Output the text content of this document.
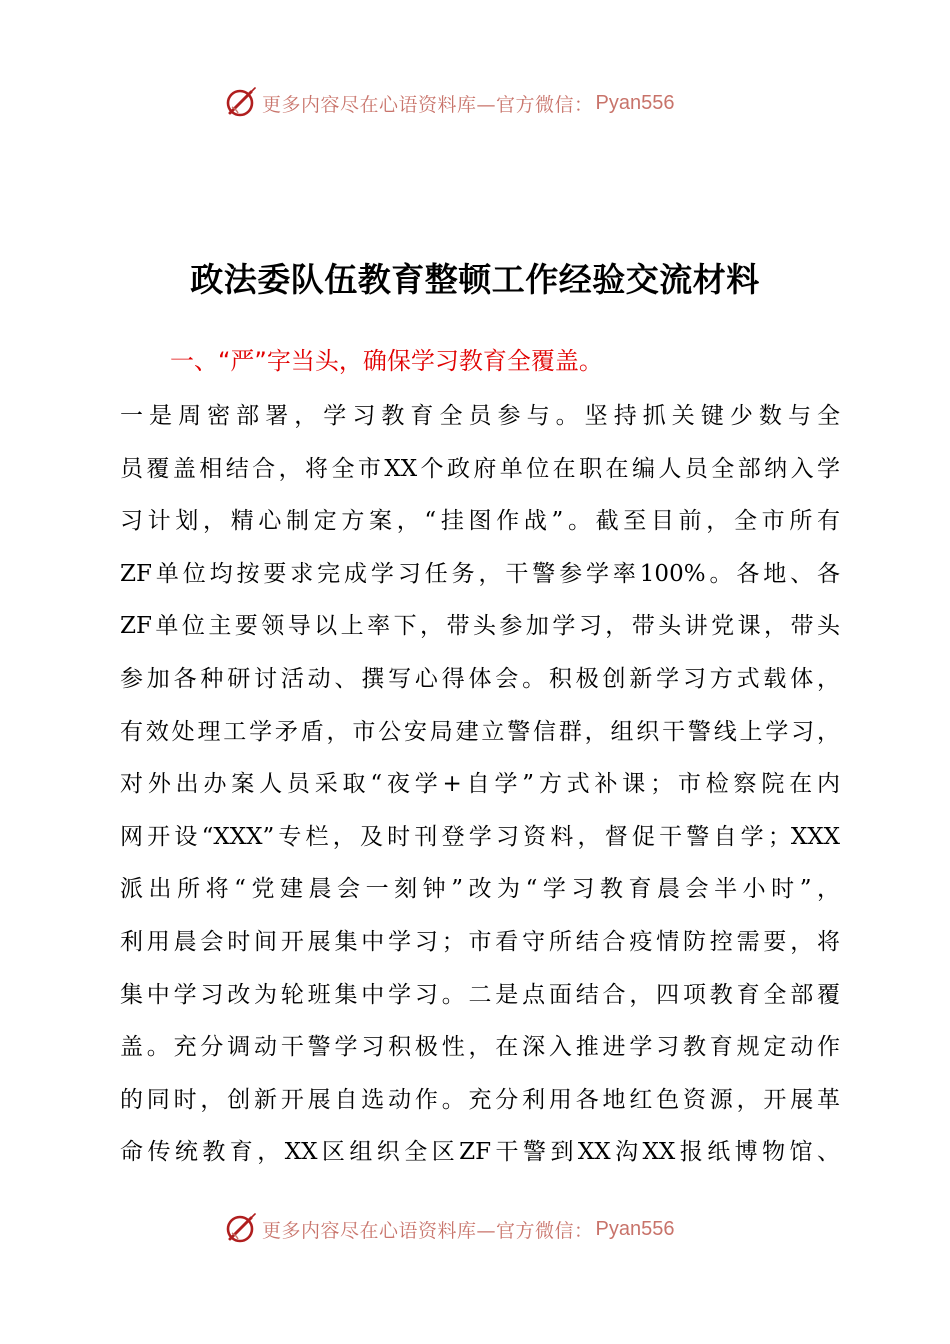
更多内容尽在心语资料库—官方微信： Pyan556
政法委队伍教育整顿工作经验交流材料
一、“严”字当头，确保学习教育全覆盖。
一是周密部署，学习教育全员参与。坚持抓关键少数与全
员覆盖相结合，将全市XX个政府单位在职在编人员全部纳入学
习计划，精心制定方案，“挂图作战”。截至目前，全市所有
ZF单位均按要求完成学习任务，干警参学率100%。各地、各
ZF单位主要领导以上率下，带头参加学习，带头讲党课，带头
参加各种研讨活动、撰写心得体会。积极创新学习方式载体，
有效处理工学矛盾，市公安局建立警信群，组织干警线上学习，
对外出办案人员采取“夜学+自学”方式补课；市检察院在内
网开设“XXX”专栏，及时刊登学习资料，督促干警自学；XXX
派出所将“党建晨会一刻钟”改为“学习教育晨会半小时”，
利用晨会时间开展集中学习；市看守所结合疫情防控需要，将
集中学习改为轮班集中学习。二是点面结合，四项教育全部覆
盖。充分调动干警学习积极性，在深入推进学习教育规定动作
的同时，创新开展自选动作。充分利用各地红色资源，开展革
命传统教育，XX区组织全区ZF干警到XX沟XX报纸博物馆、
更多内容尽在心语资料库—官方微信： Pyan556
